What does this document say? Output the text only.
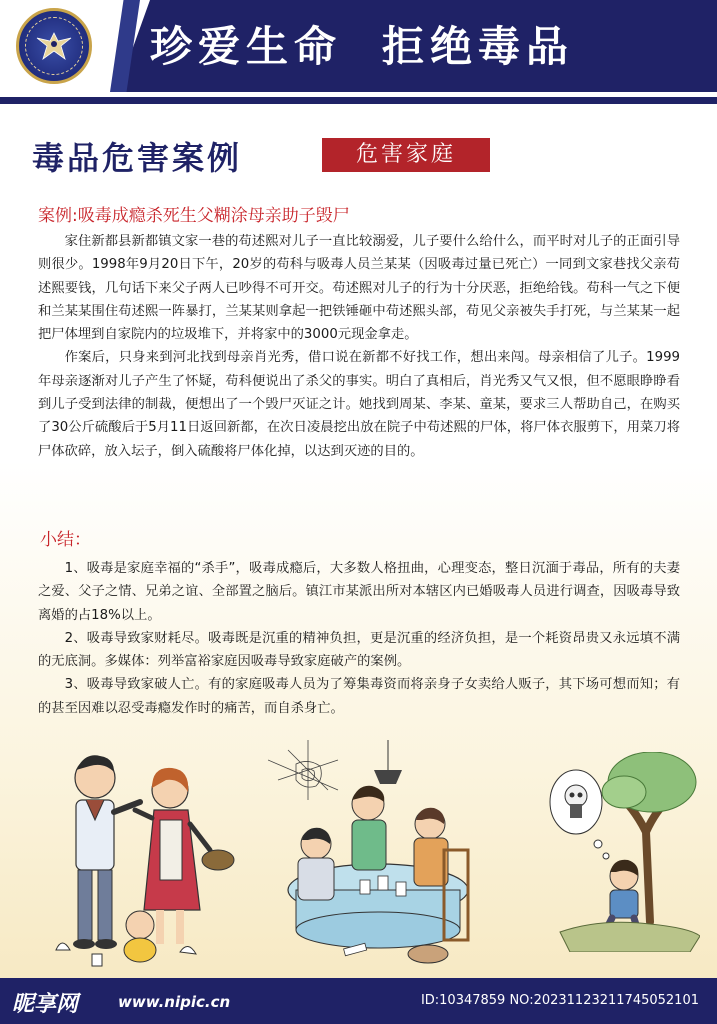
珍爱生命 拒绝毒品
毒品危害案例	危害家庭
案例:吸毒成瘾杀死生父糊涂母亲助子毁尸

家住新都县新都镇文家一巷的苟述熙对儿子一直比较溺爱，儿子要什么给什么，而平时对儿子的正面引导则很少。1998年9月20日下午，20岁的苟科与吸毒人员兰某某（因吸毒过量已死亡）一同到文家巷找父亲苟述熙要钱，几句话下来父子两人已吵得不可开交。苟述熙对儿子的行为十分厌恶，拒绝给钱。苟科一气之下便和兰某某围住苟述熙一阵暴打，兰某某则拿起一把铁锤砸中苟述熙头部，苟见父亲被失手打死，与兰某某一起把尸体埋到自家院内的垃圾堆下，并将家中的3000元现金拿走。

作案后，只身来到河北找到母亲肖光秀，借口说在新都不好找工作，想出来闯。母亲相信了儿子。1999年母亲逐渐对儿子产生了怀疑，苟科便说出了杀父的事实。明白了真相后，肖光秀又气又恨，但不愿眼睁睁看到儿子受到法律的制裁，便想出了一个毁尸灭证之计。她找到周某、李某、童某，要求三人帮助自己，在购买了30公斤硫酸后于5月11日返回新都，在次日凌晨挖出放在院子中苟述熙的尸体，将尸体衣服剪下，用菜刀将尸体砍碎，放入坛子，倒入硫酸将尸体化掉，以达到灭迹的目的。

小结：

1、吸毒是家庭幸福的“杀手”，吸毒成瘾后，大多数人格扭曲，心理变态，整日沉湎于毒品，所有的夫妻之爱、父子之情、兄弟之谊、全部置之脑后。镇江市某派出所对本辖区内已婚吸毒人员进行调查，因吸毒导致离婚的占18%以上。

2、吸毒导致家财耗尽。吸毒既是沉重的精神负担，更是沉重的经济负担，是一个耗资昂贵又永远填不满的无底洞。多媒体：列举富裕家庭因吸毒导致家庭破产的案例。

3、吸毒导致家破人亡。有的家庭吸毒人员为了筹集毒资而将亲身子女卖给人贩子，其下场可想而知；有的甚至因难以忍受毒瘾发作时的痛苦，而自杀身亡。

昵享网	www.nipic.cn	ID:10347859 NO:20231123211745052101
